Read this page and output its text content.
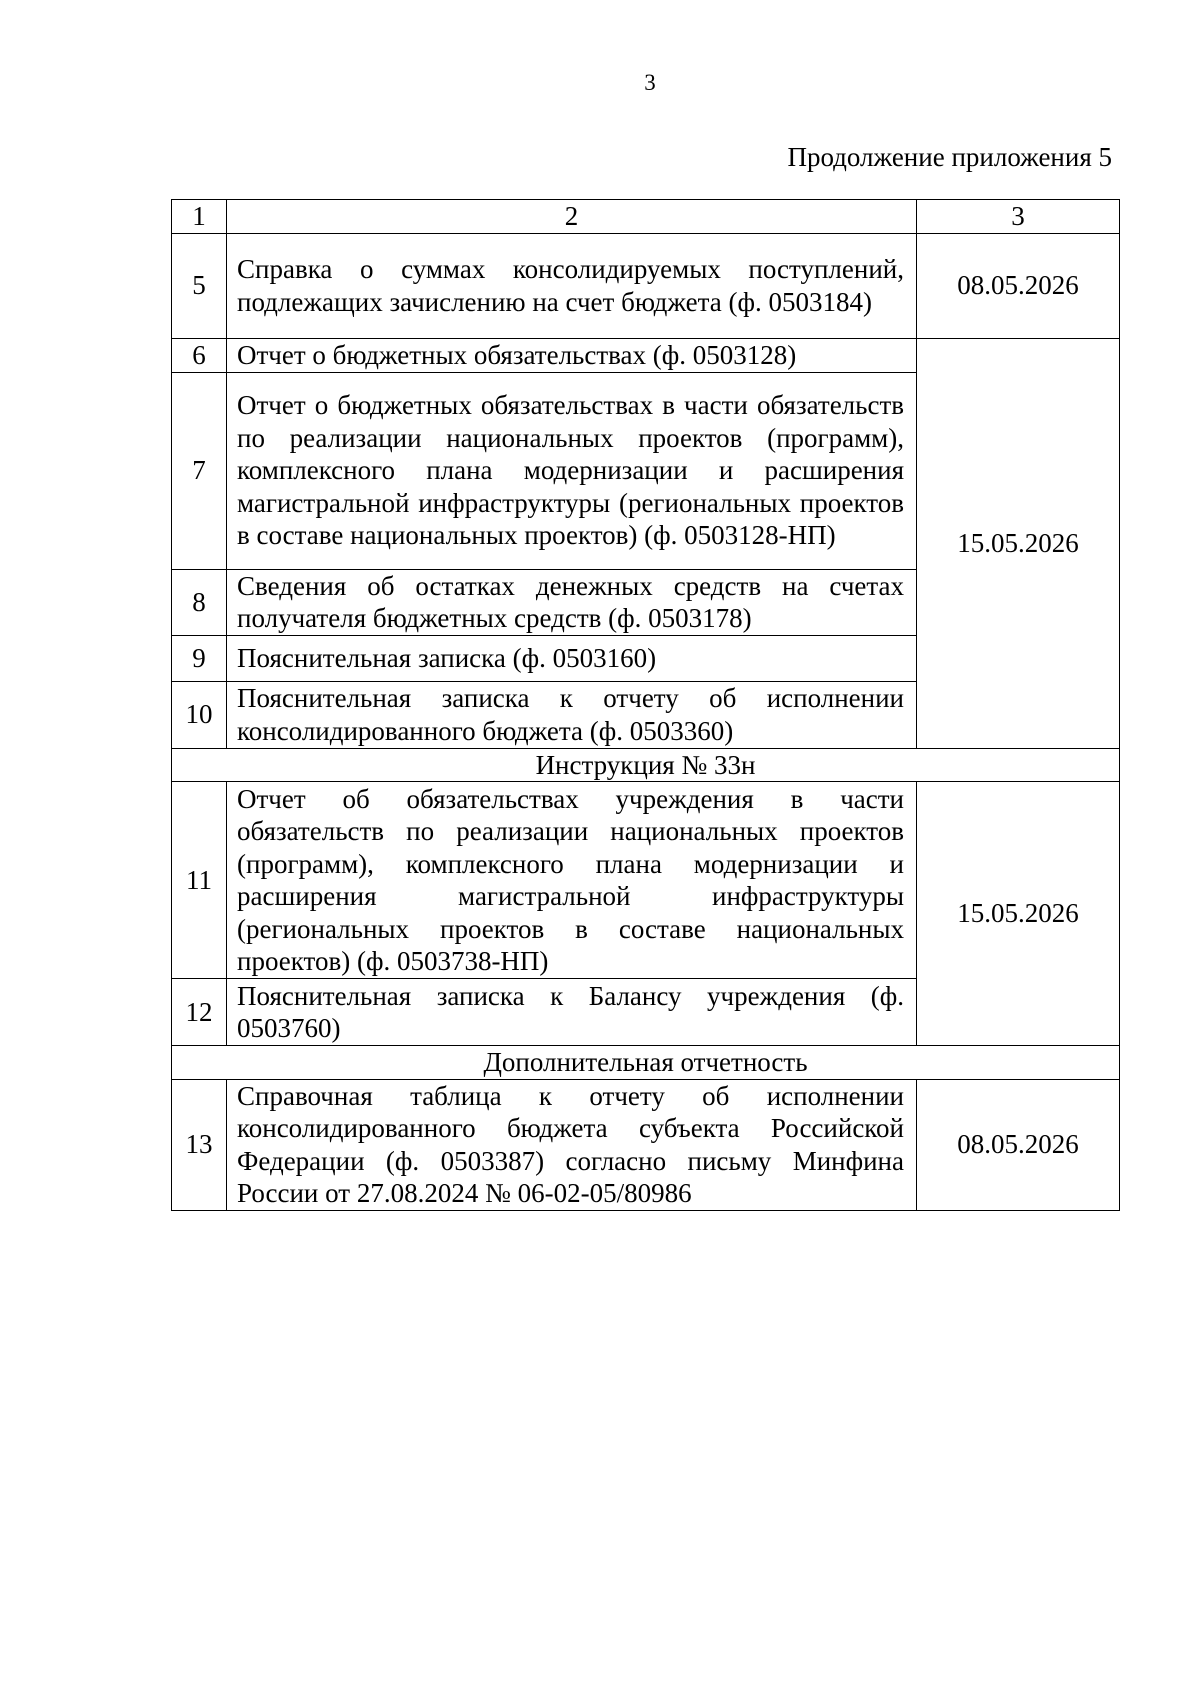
3
Продолжение приложения 5
1	2	3
5	Справка о суммах консолидируемых поступлений, подлежащих зачислению на счет бюджета (ф. 0503184)	08.05.2026
6	Отчет о бюджетных обязательствах (ф. 0503128)	15.05.2026
7	Отчет о бюджетных обязательствах в части обязательств по реализации национальных проектов (программ), комплексного плана модернизации и расширения магистральной инфраструктуры (региональных проектов в составе национальных проектов) (ф. 0503128-НП)	
8	Сведения об остатках денежных средств на счетах получателя бюджетных средств (ф. 0503178)	
9	Пояснительная записка (ф. 0503160)	
10	Пояснительная записка к отчету об исполнении консолидированного бюджета (ф. 0503360)	
Инструкция № 33н		
11	Отчет об обязательствах учреждения в части обязательств по реализации национальных проектов (программ), комплексного плана модернизации и расширения магистральной инфраструктуры (региональных проектов в составе национальных проектов) (ф. 0503738-НП)	15.05.2026
12	Пояснительная записка к Балансу учреждения (ф. 0503760)	
Дополнительная отчетность		
13	Справочная таблица к отчету об исполнении консолидированного бюджета субъекта Российской Федерации (ф. 0503387) согласно письму Минфина России от 27.08.2024 № 06-02-05/80986	08.05.2026
